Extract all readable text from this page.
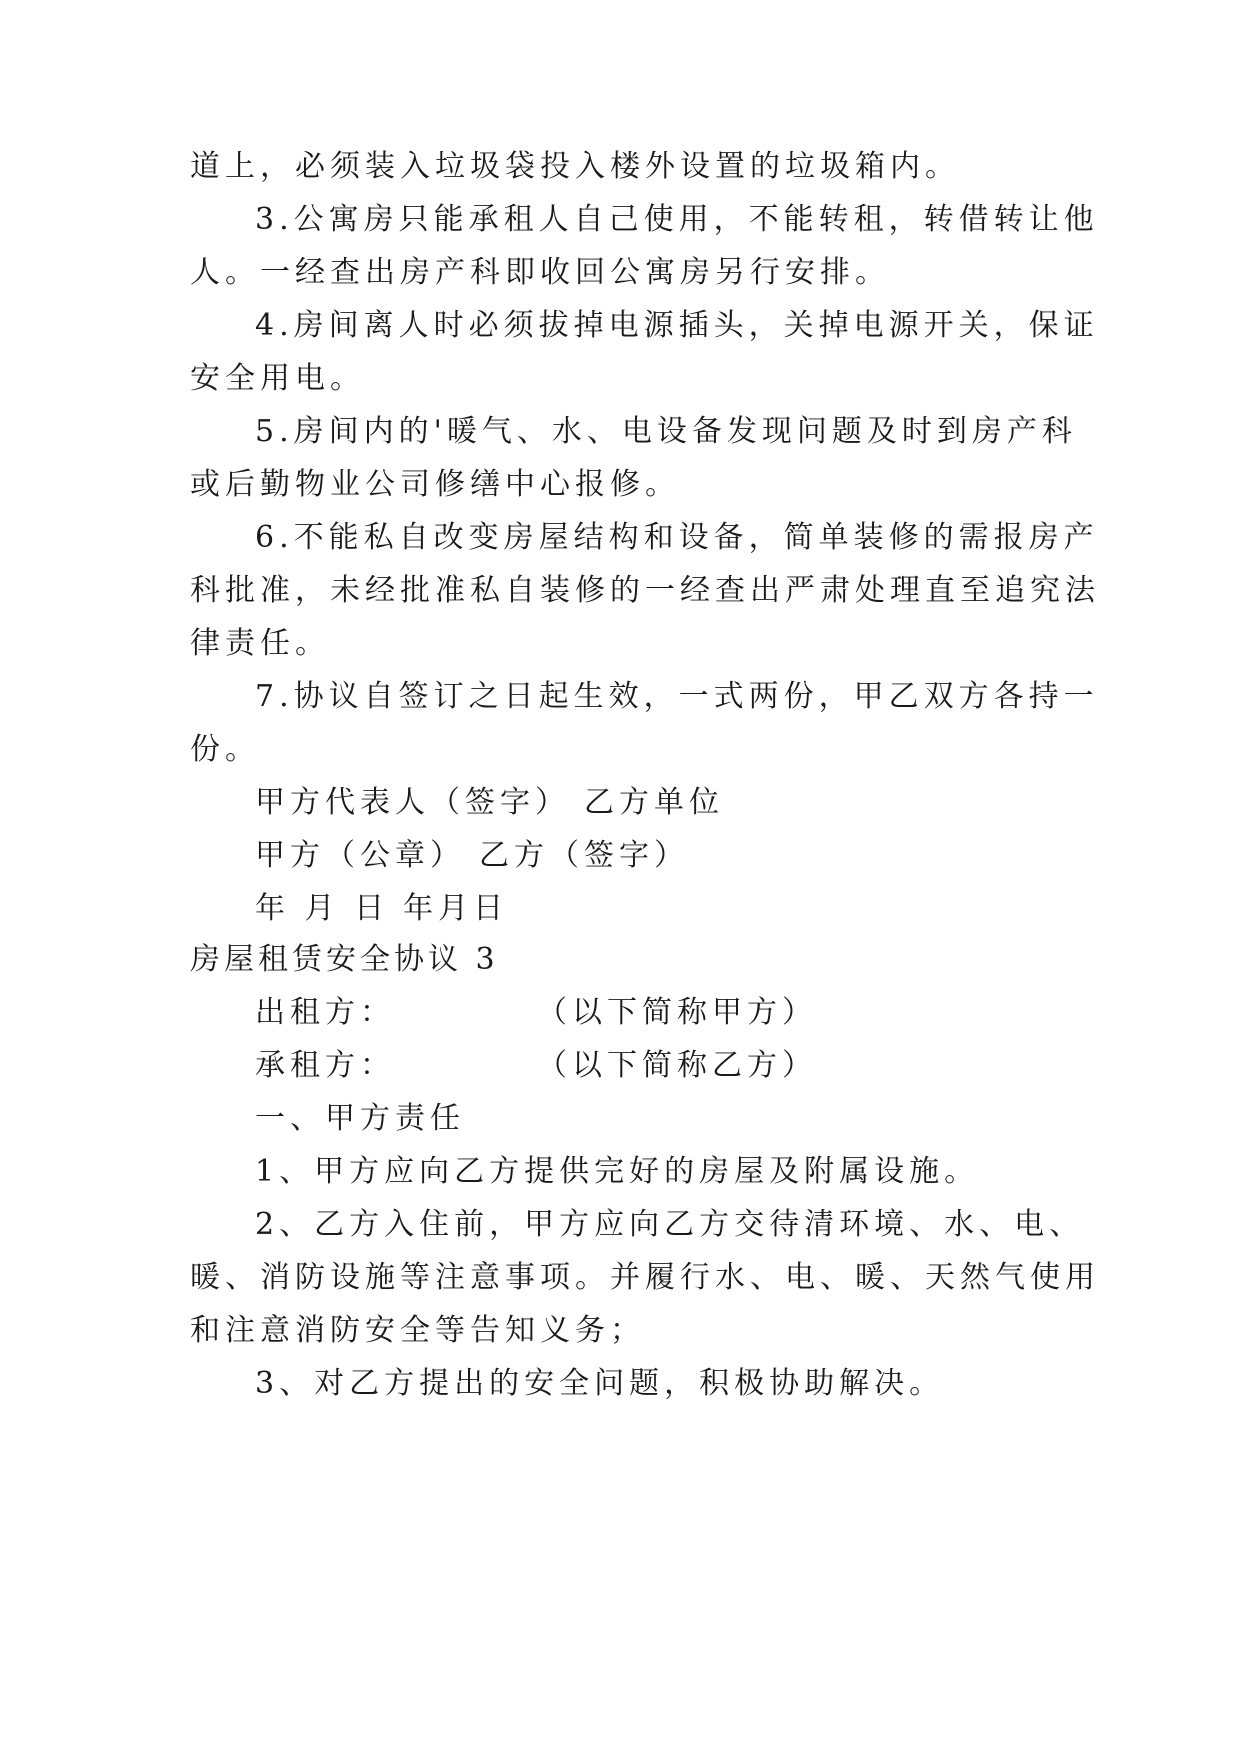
道上，必须装入垃圾袋投入楼外设置的垃圾箱内。
3.公寓房只能承租人自己使用，不能转租，转借转让他
人。一经查出房产科即收回公寓房另行安排。
4.房间离人时必须拔掉电源插头，关掉电源开关，保证
安全用电。
5.房间内的'暖气、水、电设备发现问题及时到房产科
或后勤物业公司修缮中心报修。
6.不能私自改变房屋结构和设备，简单装修的需报房产
科批准，未经批准私自装修的一经查出严肃处理直至追究法
律责任。
7.协议自签订之日起生效，一式两份，甲乙双方各持一
份。
甲方代表人（签字） 乙方单位
甲方（公章） 乙方（签字）
年 月 日 年月日
房屋租赁安全协议 3
出租方：	（以下简称甲方）
承租方：	（以下简称乙方）
一、甲方责任
1、甲方应向乙方提供完好的房屋及附属设施。
2、乙方入住前，甲方应向乙方交待清环境、水、电、
暖、消防设施等注意事项。并履行水、电、暖、天然气使用
和注意消防安全等告知义务；
3、对乙方提出的安全问题，积极协助解决。
